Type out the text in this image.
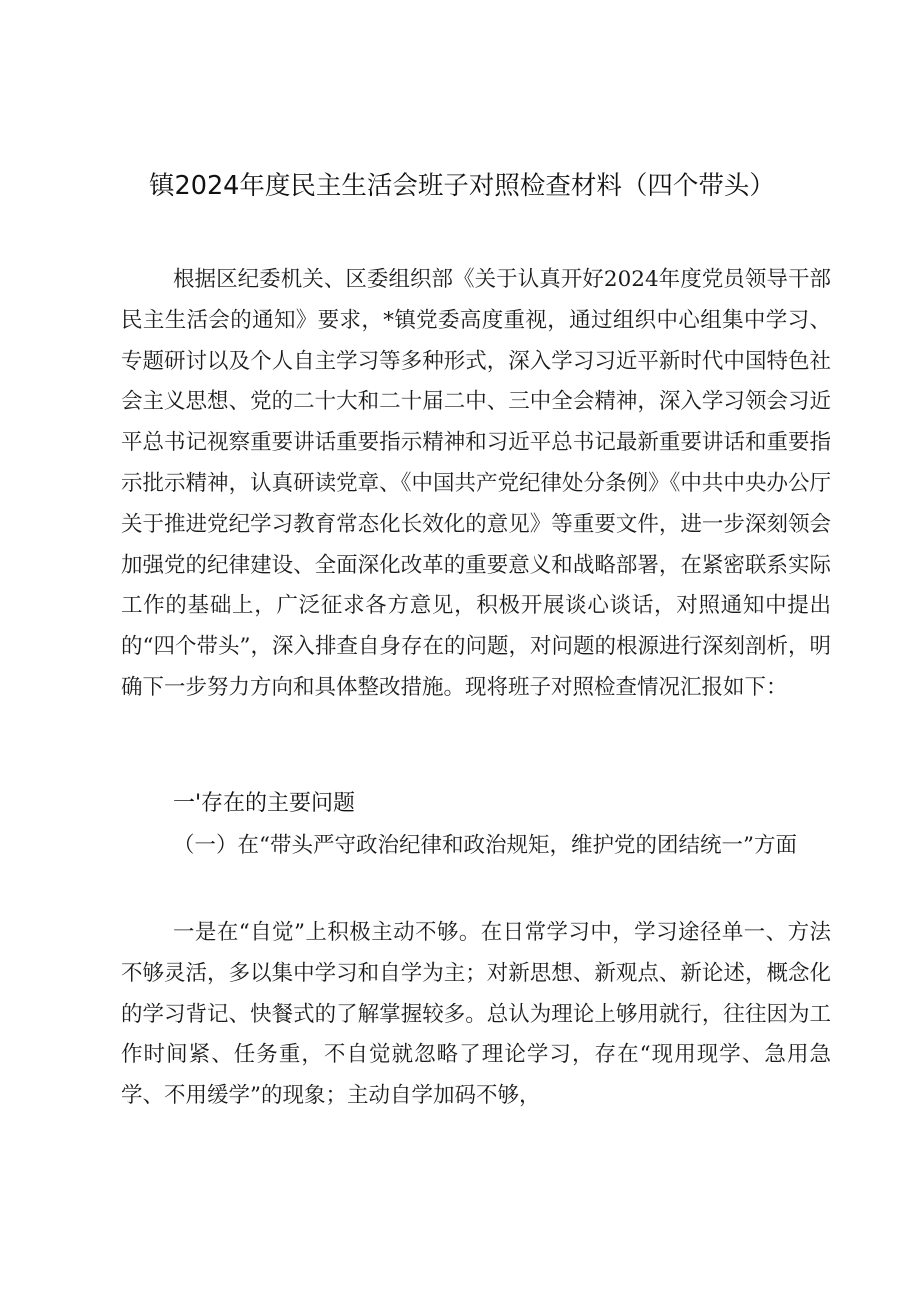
镇2024年度民主生活会班子对照检查材料（四个带头）
根据区纪委机关、区委组织部《关于认真开好2024年度党员领导干部民主生活会的通知》要求，*镇党委高度重视，通过组织中心组集中学习、专题研讨以及个人自主学习等多种形式，深入学习习近平新时代中国特色社会主义思想、党的二十大和二十届二中、三中全会精神，深入学习领会习近平总书记视察重要讲话重要指示精神和习近平总书记最新重要讲话和重要指示批示精神，认真研读党章、《中国共产党纪律处分条例》《中共中央办公厅关于推进党纪学习教育常态化长效化的意见》等重要文件，进一步深刻领会加强党的纪律建设、全面深化改革的重要意义和战略部署，在紧密联系实际工作的基础上，广泛征求各方意见，积极开展谈心谈话，对照通知中提出的“四个带头”，深入排查自身存在的问题，对问题的根源进行深刻剖析，明确下一步努力方向和具体整改措施。现将班子对照检查情况汇报如下：
一'存在的主要问题
（一）在“带头严守政治纪律和政治规矩，维护党的团结统一”方面
一是在“自觉”上积极主动不够。在日常学习中，学习途径单一、方法不够灵活，多以集中学习和自学为主；对新思想、新观点、新论述，概念化的学习背记、快餐式的了解掌握较多。总认为理论上够用就行，往往因为工作时间紧、任务重，不自觉就忽略了理论学习，存在“现用现学、急用急学、不用缓学”的现象；主动自学加码不够，
